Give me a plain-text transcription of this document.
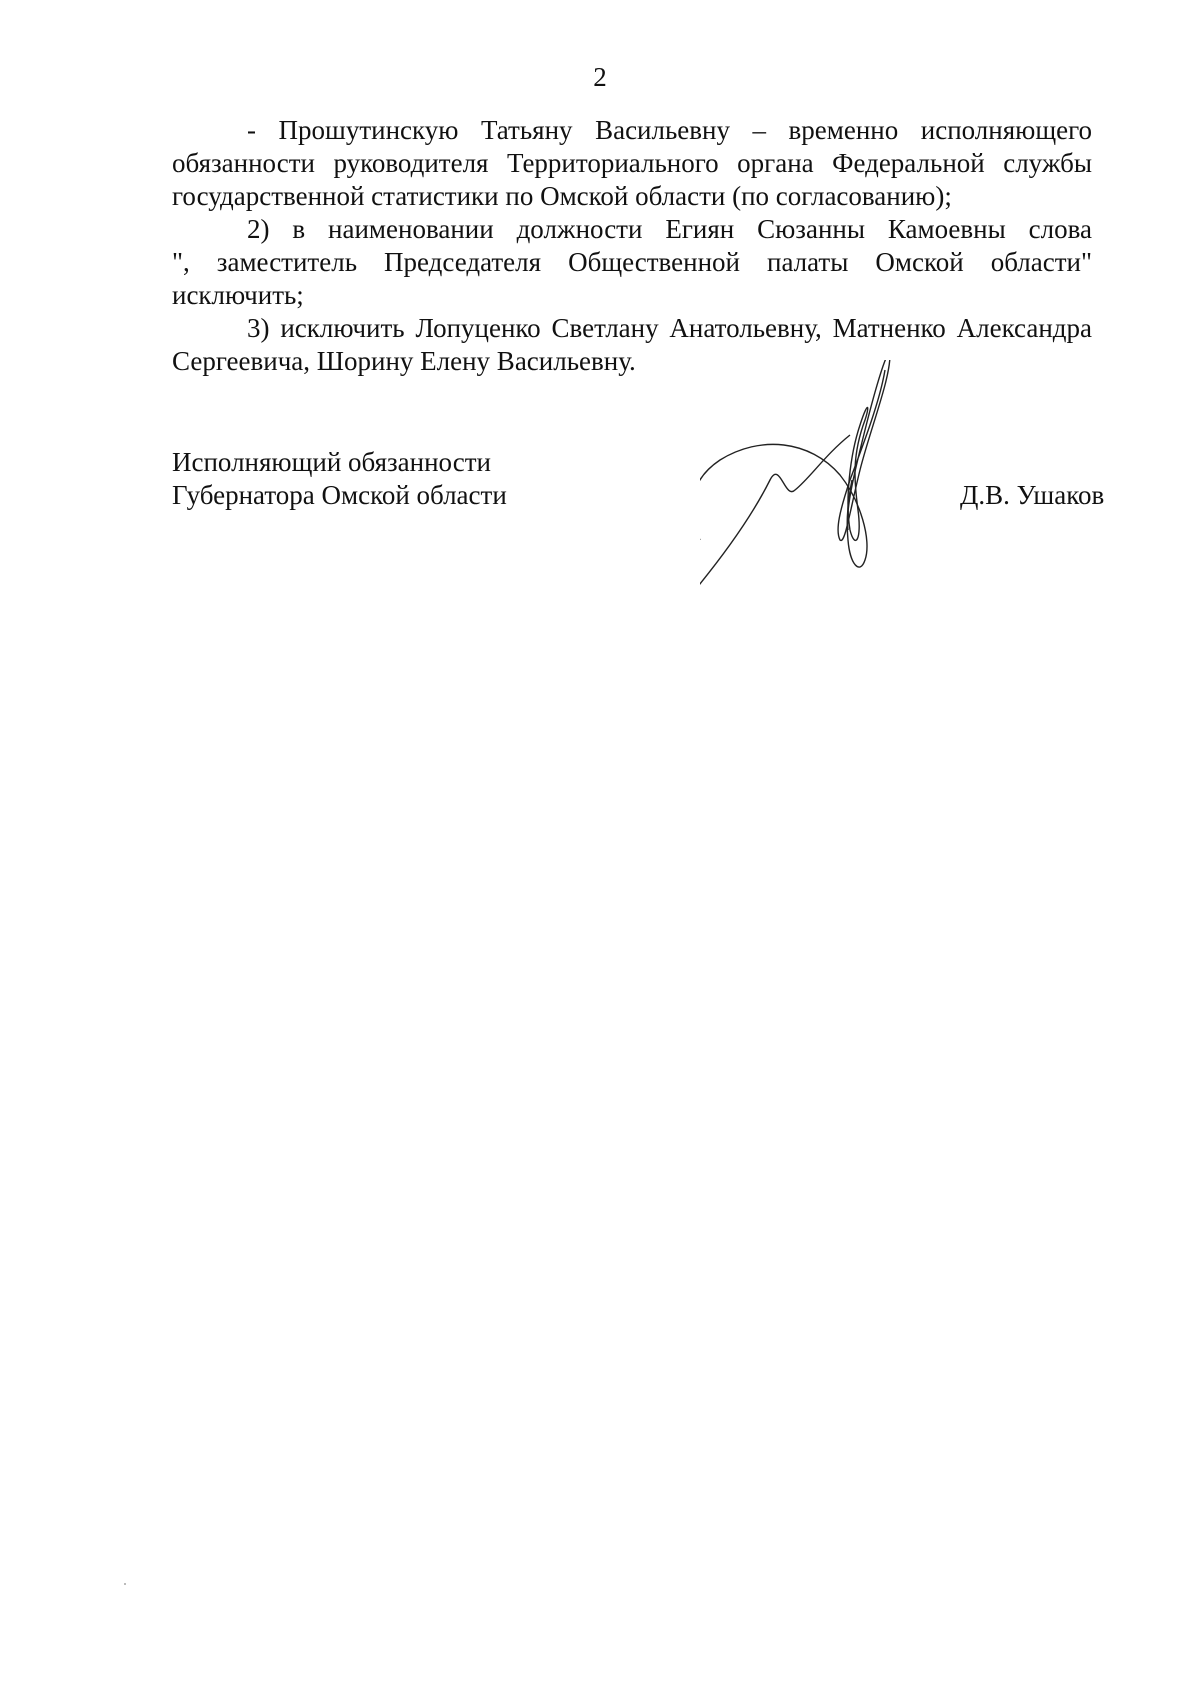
2
- Прошутинскую Татьяну Васильевну – временно исполняющего
обязанности руководителя Территориального органа Федеральной службы
государственной статистики по Омской области (по согласованию);
2) в наименовании должности Егиян Сюзанны Камоевны слова
", заместитель Председателя Общественной палаты Омской области"
исключить;
3) исключить Лопуценко Светлану Анатольевну, Матненко Александра
Сергеевича, Шорину Елену Васильевну.
Исполняющий обязанности
Губернатора Омской области	Д.В. Ушаков
